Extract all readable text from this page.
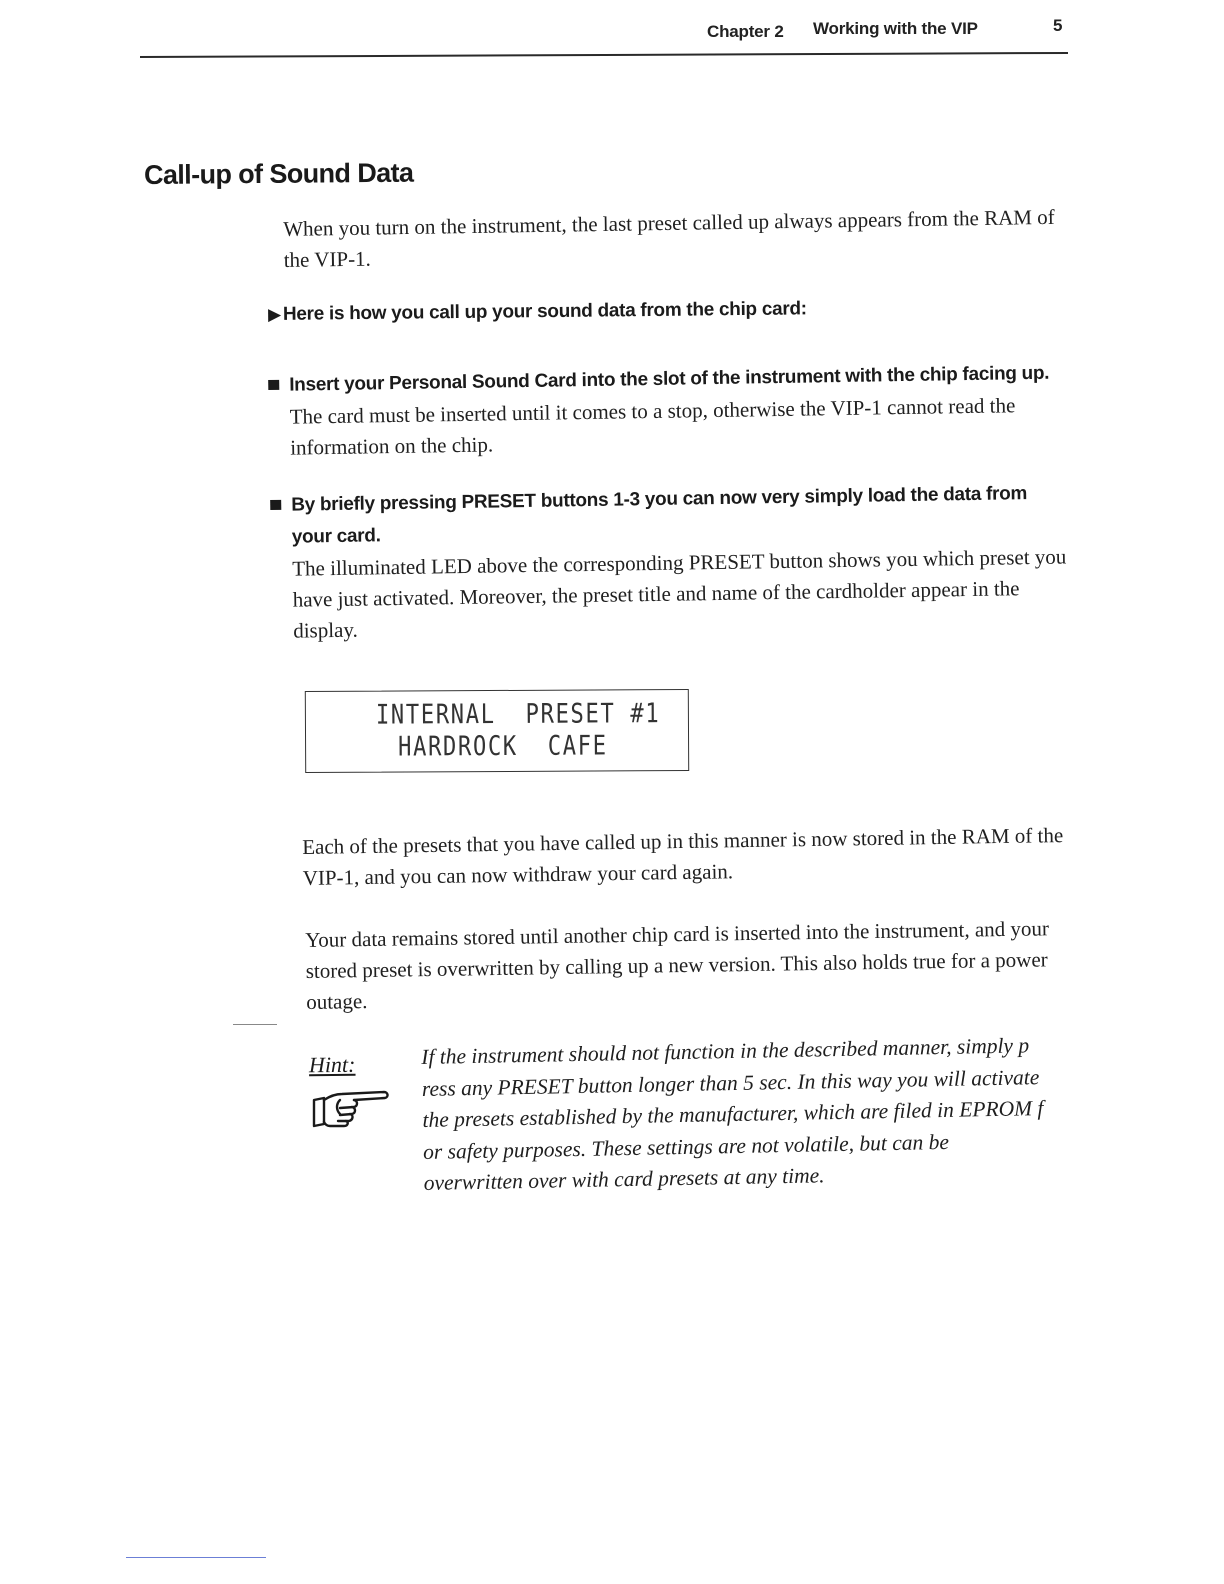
Chapter 2 Working with the VIP	5
Call-up of Sound Data

When you turn on the instrument, the last preset called up always appears from the RAM of the VIP-1.

▶Here is how you call up your sound data from the chip card:
Insert your Personal Sound Card into the slot of the instrument with the chip facing up.
The card must be inserted until it comes to a stop, otherwise the VIP-1 cannot read the information on the chip.
By briefly pressing PRESET buttons 1-3 you can now very simply load the data from your card.
The illuminated LED above the corresponding PRESET button shows you which preset you have just activated. Moreover, the preset title and name of the cardholder appear in the display.
INTERNAL  PRESET #1
HARDROCK  CAFE

Each of the presets that you have called up in this manner is now stored in the RAM of the VIP-1, and you can now withdraw your card again.

Your data remains stored until another chip card is inserted into the instrument, and your stored preset is overwritten by calling up a new version. This also holds true for a power outage.

Hint:	If the instrument should not function in the described manner, simply p
ress any PRESET button longer than 5 sec. In this way you will activate
the presets established by the manufacturer, which are filed in EPROM f
or safety purposes. These settings are not volatile, but can be
overwritten over with card presets at any time.
